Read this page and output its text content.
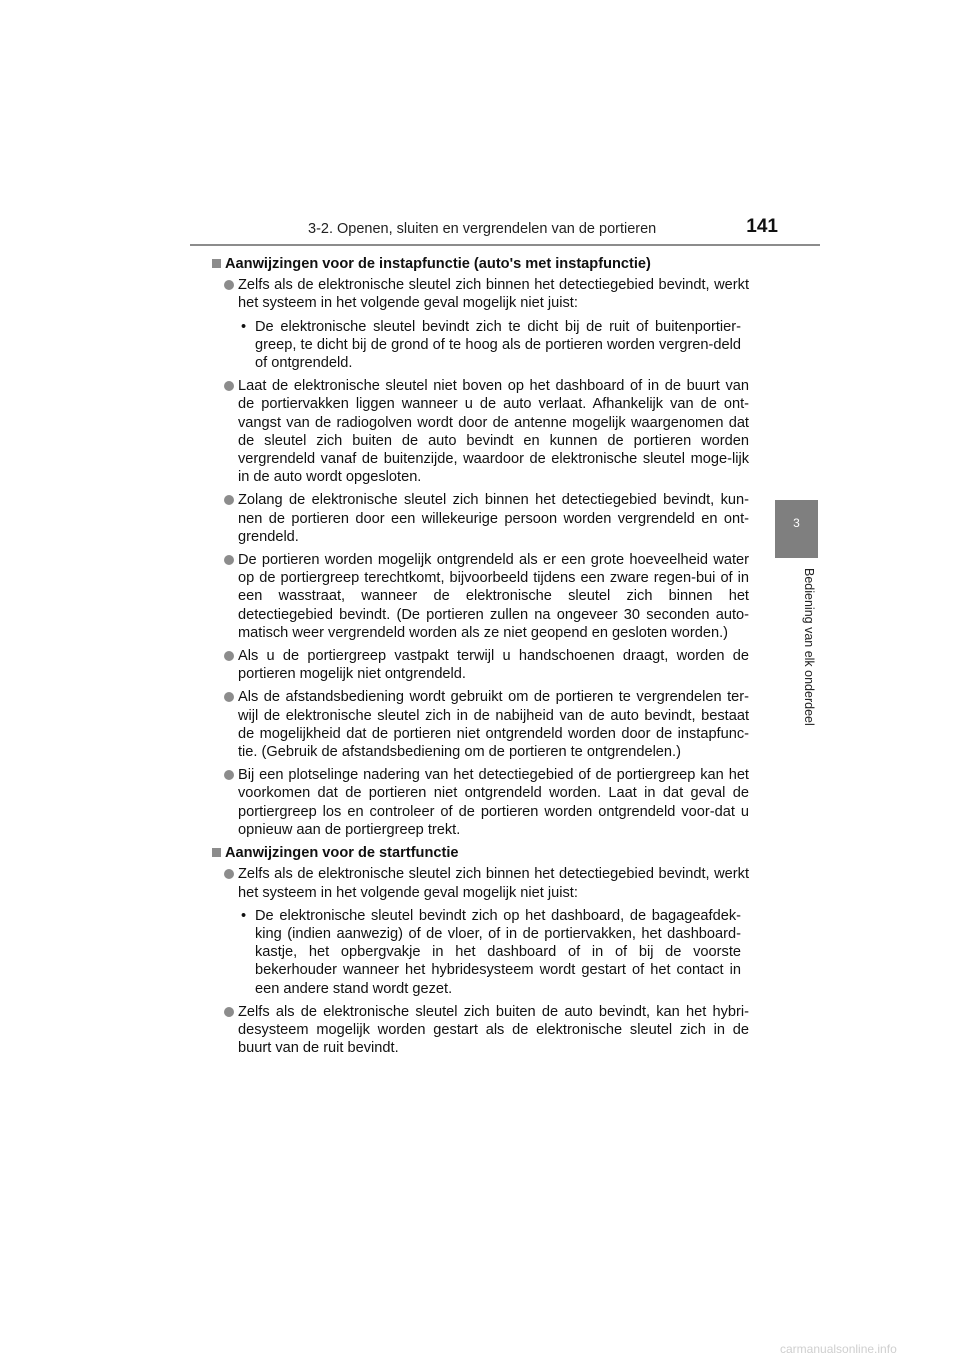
3-2. Openen, sluiten en vergrendelen van de portieren	141
3
Bediening van elk onderdeel
Aanwijzingen voor de instapfunctie (auto's met instapfunctie)
Zelfs als de elektronische sleutel zich binnen het detectiegebied bevindt, werkt het systeem in het volgende geval mogelijk niet juist:
• De elektronische sleutel bevindt zich te dicht bij de ruit of buitenportier-greep, te dicht bij de grond of te hoog als de portieren worden vergren-deld of ontgrendeld.
Laat de elektronische sleutel niet boven op het dashboard of in de buurt van de portiervakken liggen wanneer u de auto verlaat. Afhankelijk van de ont-vangst van de radiogolven wordt door de antenne mogelijk waargenomen dat de sleutel zich buiten de auto bevindt en kunnen de portieren worden vergrendeld vanaf de buitenzijde, waardoor de elektronische sleutel moge-lijk in de auto wordt opgesloten.
Zolang de elektronische sleutel zich binnen het detectiegebied bevindt, kun-nen de portieren door een willekeurige persoon worden vergrendeld en ont-grendeld.
De portieren worden mogelijk ontgrendeld als er een grote hoeveelheid water op de portiergreep terechtkomt, bijvoorbeeld tijdens een zware regen-bui of in een wasstraat, wanneer de elektronische sleutel zich binnen het detectiegebied bevindt. (De portieren zullen na ongeveer 30 seconden auto-matisch weer vergrendeld worden als ze niet geopend en gesloten worden.)
Als u de portiergreep vastpakt terwijl u handschoenen draagt, worden de portieren mogelijk niet ontgrendeld.
Als de afstandsbediening wordt gebruikt om de portieren te vergrendelen ter-wijl de elektronische sleutel zich in de nabijheid van de auto bevindt, bestaat de mogelijkheid dat de portieren niet ontgrendeld worden door de instapfunc-tie. (Gebruik de afstandsbediening om de portieren te ontgrendelen.)
Bij een plotselinge nadering van het detectiegebied of de portiergreep kan het voorkomen dat de portieren niet ontgrendeld worden. Laat in dat geval de portiergreep los en controleer of de portieren worden ontgrendeld voor-dat u opnieuw aan de portiergreep trekt.
Aanwijzingen voor de startfunctie
Zelfs als de elektronische sleutel zich binnen het detectiegebied bevindt, werkt het systeem in het volgende geval mogelijk niet juist:
• De elektronische sleutel bevindt zich op het dashboard, de bagageafdek-king (indien aanwezig) of de vloer, of in de portiervakken, het dashboard-kastje, het opbergvakje in het dashboard of in of bij de voorste bekerhouder wanneer het hybridesysteem wordt gestart of het contact in een andere stand wordt gezet.
Zelfs als de elektronische sleutel zich buiten de auto bevindt, kan het hybri-desysteem mogelijk worden gestart als de elektronische sleutel zich in de buurt van de ruit bevindt.
carmanualsonline.info
